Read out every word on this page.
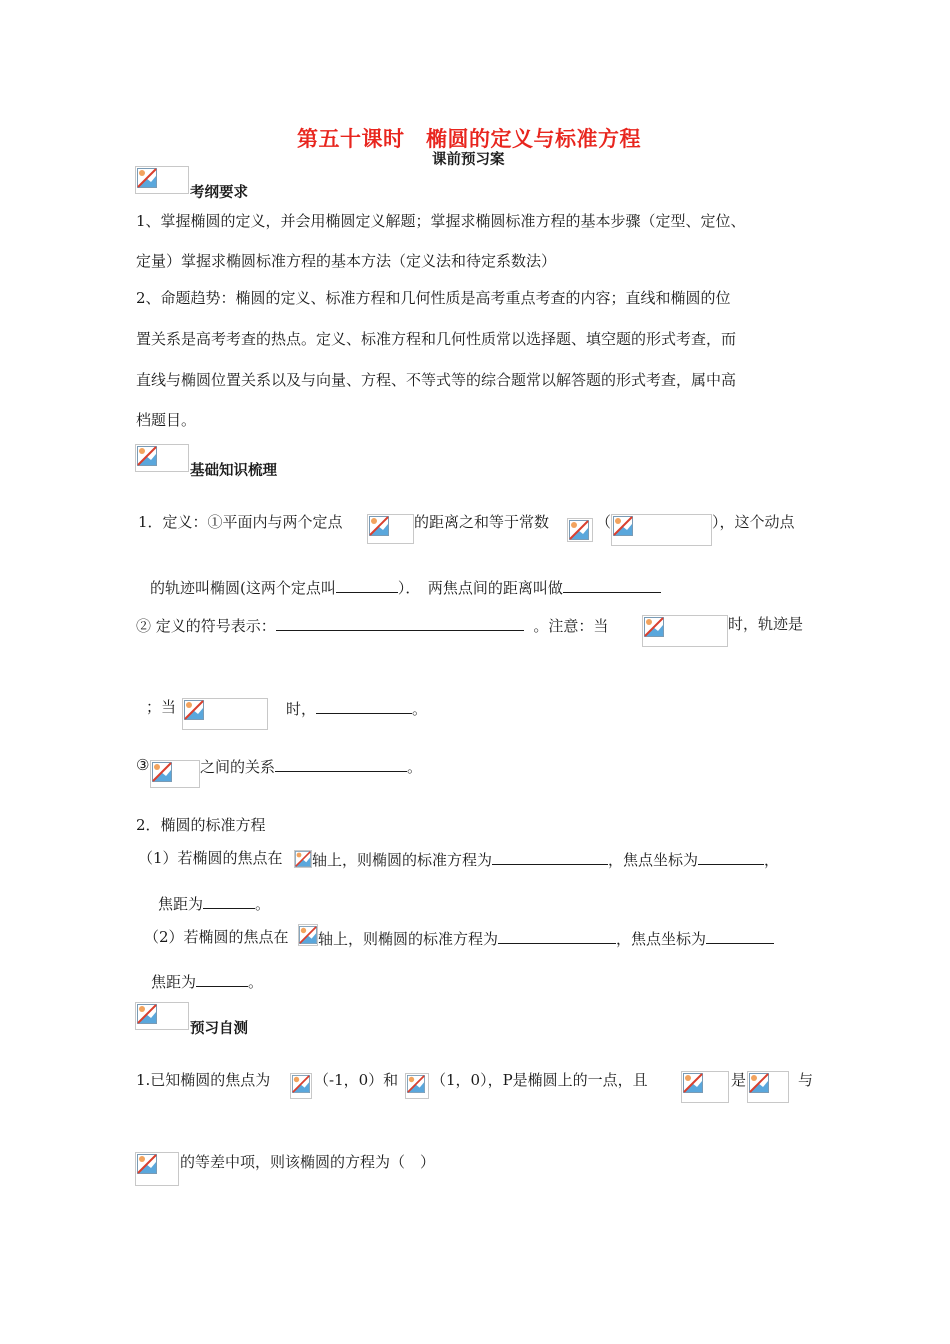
第五十课时　椭圆的定义与标准方程
课前预习案
考纲要求
1、掌握椭圆的定义，并会用椭圆定义解题；掌握求椭圆标准方程的基本步骤（定型、定位、
定量）掌握求椭圆标准方程的基本方法（定义法和待定系数法）
2、命题趋势：椭圆的定义、标准方程和几何性质是高考重点考查的内容；直线和椭圆的位
置关系是高考考查的热点。定义、标准方程和几何性质常以选择题、填空题的形式考查，而
直线与椭圆位置关系以及与向量、方程、不等式等的综合题常以解答题的形式考查，属中高
档题目。
基础知识梳理
1．定义：①平面内与两个定点	的距离之和等于常数	（	），这个动点
的轨迹叫椭圆(这两个定点叫	）．　两焦点间的距离叫做
② 定义的符号表示：	。注意：当	时，轨迹是
；当	时，	。
③	之间的关系	。
2．椭圆的标准方程
（1）若椭圆的焦点在 轴上，则椭圆的标准方程为	，焦点坐标为	，
焦距为	。
（2）若椭圆的焦点在 轴上，则椭圆的标准方程为	，焦点坐标为
焦距为	。
预习自测
1.已知椭圆的焦点为	（-1，0）和 （1，0），P是椭圆上的一点，且	是	与
的等差中项，则该椭圆的方程为（　）
